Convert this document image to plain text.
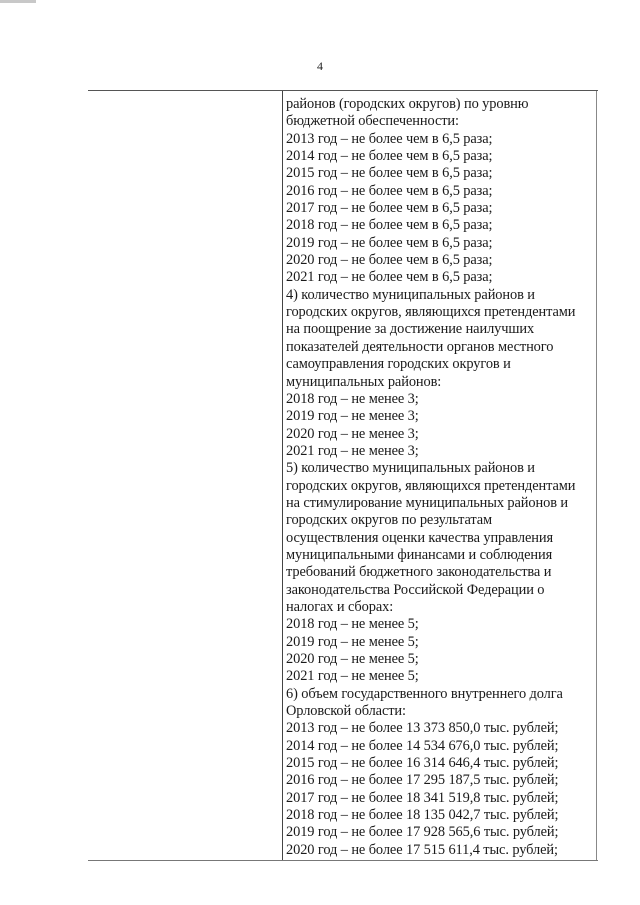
4
районов (городских округов) по уровню
бюджетной обеспеченности:
2013 год – не более чем в 6,5 раза;
2014 год – не более чем в 6,5 раза;
2015 год – не более чем в 6,5 раза;
2016 год – не более чем в 6,5 раза;
2017 год – не более чем в 6,5 раза;
2018 год – не более чем в 6,5 раза;
2019 год – не более чем в 6,5 раза;
2020 год – не более чем в 6,5 раза;
2021 год – не более чем в 6,5 раза;
4) количество муниципальных районов и
городских округов, являющихся претендентами
на поощрение за достижение наилучших
показателей деятельности органов местного
самоуправления городских округов и
муниципальных районов:
2018 год – не менее 3;
2019 год – не менее 3;
2020 год – не менее 3;
2021 год – не менее 3;
5) количество муниципальных районов и
городских округов, являющихся претендентами
на стимулирование муниципальных районов и
городских округов по результатам
осуществления оценки качества управления
муниципальными финансами и соблюдения
требований бюджетного законодательства и
законодательства Российской Федерации о
налогах и сборах:
2018 год – не менее 5;
2019 год – не менее 5;
2020 год – не менее 5;
2021 год – не менее 5;
6) объем государственного внутреннего долга
Орловской области:
2013 год – не более 13 373 850,0 тыс. рублей;
2014 год – не более 14 534 676,0 тыс. рублей;
2015 год – не более 16 314 646,4 тыс. рублей;
2016 год – не более 17 295 187,5 тыс. рублей;
2017 год – не более 18 341 519,8 тыс. рублей;
2018 год – не более 18 135 042,7 тыс. рублей;
2019 год – не более 17 928 565,6 тыс. рублей;
2020 год – не более 17 515 611,4 тыс. рублей;
